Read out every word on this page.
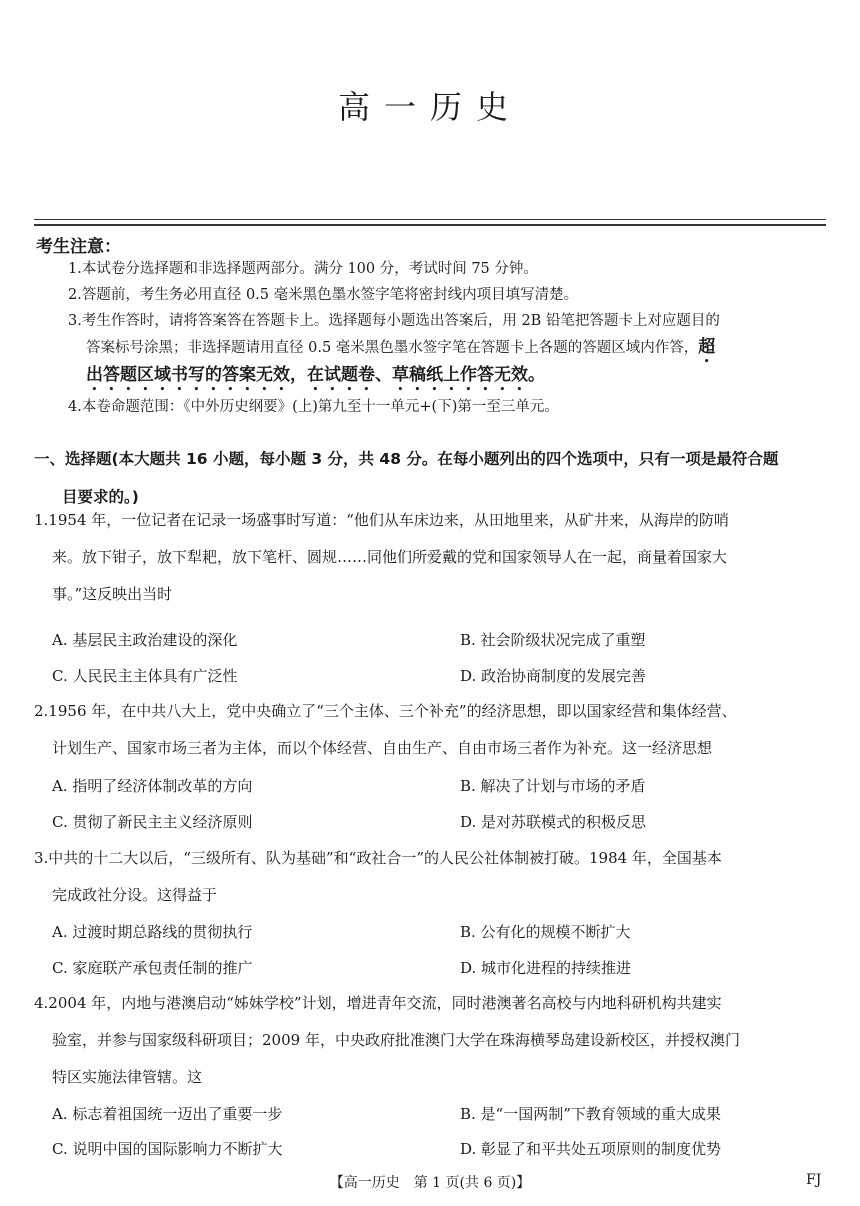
高一历史
考生注意：
1.本试卷分选择题和非选择题两部分。满分 100 分，考试时间 75 分钟。
2.答题前，考生务必用直径 0.5 毫米黑色墨水签字笔将密封线内项目填写清楚。
3.考生作答时，请将答案答在答题卡上。选择题每小题选出答案后，用 2B 铅笔把答题卡上对应题目的
答案标号涂黑；非选择题请用直径 0.5 毫米黑色墨水签字笔在答题卡上各题的答题区域内作答，超
出答题区域书写的答案无效，在试题卷、草稿纸上作答无效。
4.本卷命题范围：《中外历史纲要》(上)第九至十一单元+(下)第一至三单元。
一、选择题(本大题共 16 小题，每小题 3 分，共 48 分。在每小题列出的四个选项中，只有一项是最符合题
目要求的。)
1.1954 年，一位记者在记录一场盛事时写道：“他们从车床边来，从田地里来，从矿井来，从海岸的防哨
来。放下钳子，放下犁耙，放下笔杆、圆规……同他们所爱戴的党和国家领导人在一起，商量着国家大
事。”这反映出当时
A. 基层民主政治建设的深化	B. 社会阶级状况完成了重塑
C. 人民民主主体具有广泛性	D. 政治协商制度的发展完善
2.1956 年，在中共八大上，党中央确立了“三个主体、三个补充”的经济思想，即以国家经营和集体经营、
计划生产、国家市场三者为主体，而以个体经营、自由生产、自由市场三者作为补充。这一经济思想
A. 指明了经济体制改革的方向	B. 解决了计划与市场的矛盾
C. 贯彻了新民主主义经济原则	D. 是对苏联模式的积极反思
3.中共的十二大以后，“三级所有、队为基础”和“政社合一”的人民公社体制被打破。1984 年，全国基本
完成政社分设。这得益于
A. 过渡时期总路线的贯彻执行	B. 公有化的规模不断扩大
C. 家庭联产承包责任制的推广	D. 城市化进程的持续推进
4.2004 年，内地与港澳启动“姊妹学校”计划，增进青年交流，同时港澳著名高校与内地科研机构共建实
验室，并参与国家级科研项目；2009 年，中央政府批准澳门大学在珠海横琴岛建设新校区，并授权澳门
特区实施法律管辖。这
A. 标志着祖国统一迈出了重要一步	B. 是“一国两制”下教育领域的重大成果
C. 说明中国的国际影响力不断扩大	D. 彰显了和平共处五项原则的制度优势
【高一历史　第 1 页(共 6 页)】	FJ
